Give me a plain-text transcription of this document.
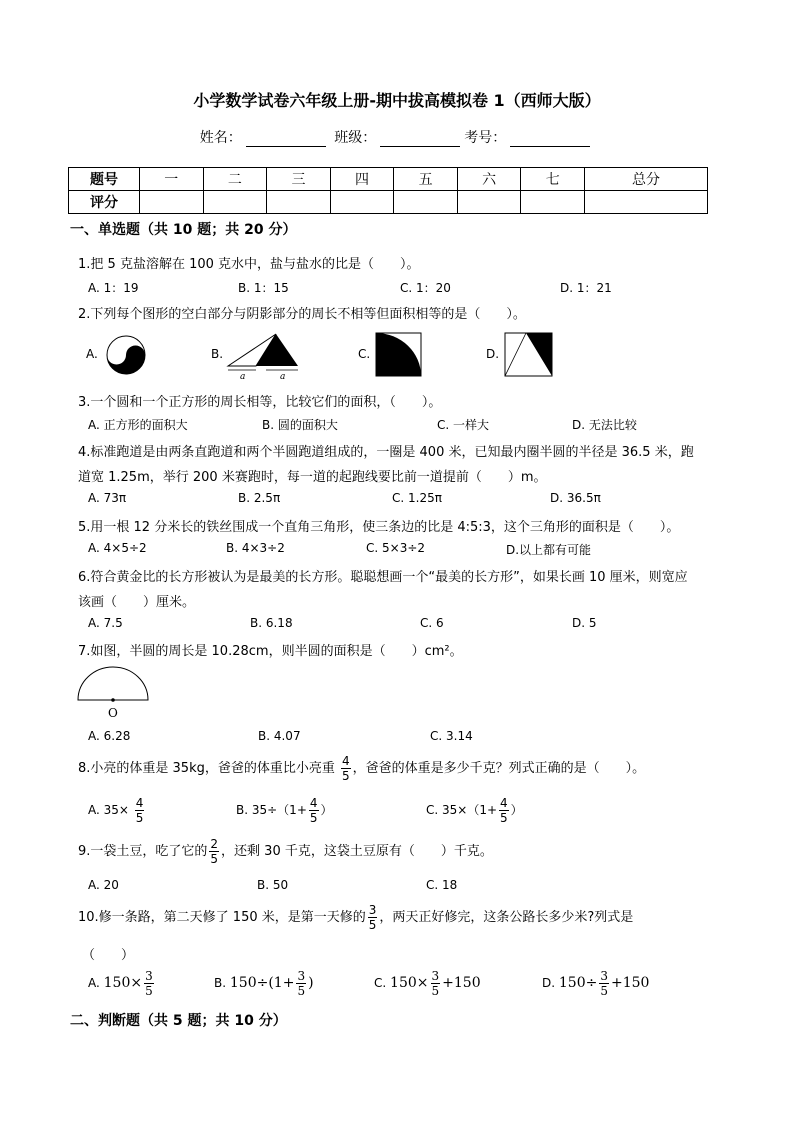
小学数学试卷六年级上册-期中拔高模拟卷 1（西师大版）
姓名：	班级：	考号：
题号	一	二	三	四	五	六	七	总分
评分								
一、单选题（共 10 题；共 20 分）
1.把 5 克盐溶解在 100 克水中，盐与盐水的比是（　　）。
A. 1：19	B. 1：15	C. 1：20	D. 1：21
2.下列每个图形的空白部分与阴影部分的周长不相等但面积相等的是（　　）。
A.	a	B.
a	a
C.	D.
3.一个圆和一个正方形的周长相等，比较它们的面积，（　　）。
A. 正方形的面积大	B. 圆的面积大	C. 一样大	D. 无法比较
4.标准跑道是由两条直跑道和两个半圆跑道组成的，一圈是 400 米，已知最内圈半圆的半径是 36.5 米，跑
道宽 1.25m，举行 200 米赛跑时，每一道的起跑线要比前一道提前（　　）m。
A. 73π	B. 2.5π	C. 1.25π	D. 36.5π
5.用一根 12 分米长的铁丝围成一个直角三角形，使三条边的比是 4:5:3，这个三角形的面积是（　　）。
A. 4×5÷2	B. 4×3÷2	C. 5×3÷2	D.以上都有可能
6.符合黄金比的长方形被认为是最美的长方形。聪聪想画一个“最美的长方形”，如果长画 10 厘米，则宽应
该画（　　）厘米。
A. 7.5	B. 6.18	C. 6	D. 5
7.如图，半圆的周长是 10.28cm，则半圆的面积是（　　）cm²。
O
A. 6.28	B. 4.07	C. 3.14
8.小亮的体重是 35kg，爸爸的体重比小亮重 $\frac{4}{5}$ ，爸爸的体重是多少千克？列式正确的是（　　）。
A. $35\times \frac{4}{5}$	B. $35\div(1+ \frac{4}{5}$ ）	C. $35\times(1+ \frac{4}{5}$ ）
9.一袋土豆，吃了它的 $\frac{2}{5}$ ，还剩 30 千克，这袋土豆原有（　　）千克。
A. 20	B. 50	C. 18
10.修一条路，第二天修了 150 米，是第一天修的 $\frac{3}{5}$ ，两天正好修完，这条公路长多少米?列式是
（　　）
A. $150\times \frac{3}{5}$	B. $150\div(1+ \frac{3}{5}$ )	C. $150\times \frac{3}{5} +150$	D. $150\div \frac{3}{5} +150$
二、判断题（共 5 题；共 10 分）
